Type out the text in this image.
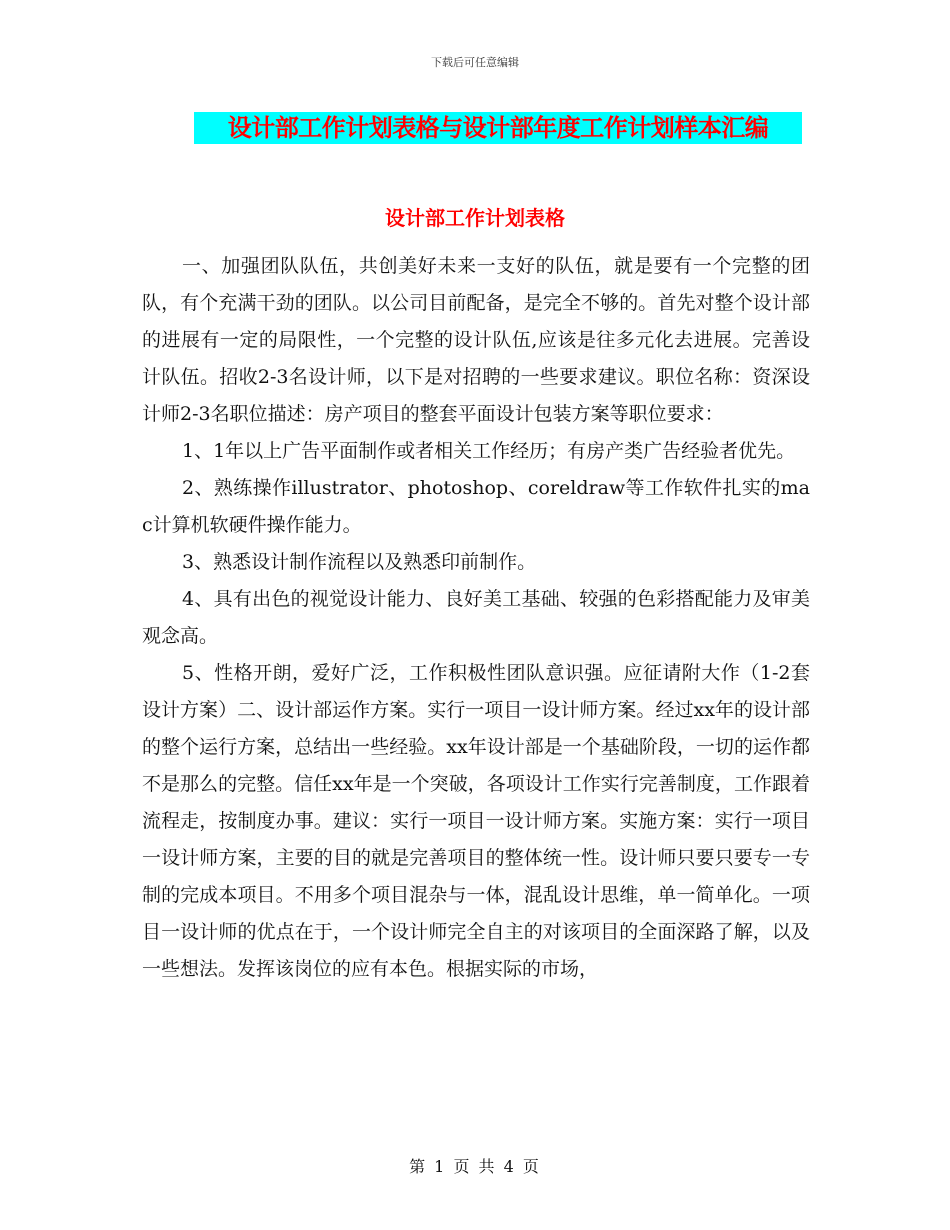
下载后可任意编辑
设计部工作计划表格与设计部年度工作计划样本汇编
设计部工作计划表格

一、加强团队队伍，共创美好未来一支好的队伍，就是要有一个完整的团队，有个充满干劲的团队。以公司目前配备，是完全不够的。首先对整个设计部的进展有一定的局限性，一个完整的设计队伍,应该是往多元化去进展。完善设计队伍。招收2-3名设计师，以下是对招聘的一些要求建议。职位名称：资深设计师2-3名职位描述：房产项目的整套平面设计包装方案等职位要求：

1、1年以上广告平面制作或者相关工作经历；有房产类广告经验者优先。

2、熟练操作illustrator、photoshop、coreldraw等工作软件扎实的mac计算机软硬件操作能力。

3、熟悉设计制作流程以及熟悉印前制作。

4、具有出色的视觉设计能力、良好美工基础、较强的色彩搭配能力及审美观念高。

5、性格开朗，爱好广泛，工作积极性团队意识强。应征请附大作（1-2套设计方案）二、设计部运作方案。实行一项目一设计师方案。经过xx年的设计部的整个运行方案，总结出一些经验。xx年设计部是一个基础阶段，一切的运作都不是那么的完整。信任xx年是一个突破，各项设计工作实行完善制度，工作跟着流程走，按制度办事。建议：实行一项目一设计师方案。实施方案：实行一项目一设计师方案，主要的目的就是完善项目的整体统一性。设计师只要只要专一专制的完成本项目。不用多个项目混杂与一体，混乱设计思维，单一简单化。一项目一设计师的优点在于，一个设计师完全自主的对该项目的全面深路了解，以及一些想法。发挥该岗位的应有本色。根据实际的市场，

第 1 页 共 4 页
